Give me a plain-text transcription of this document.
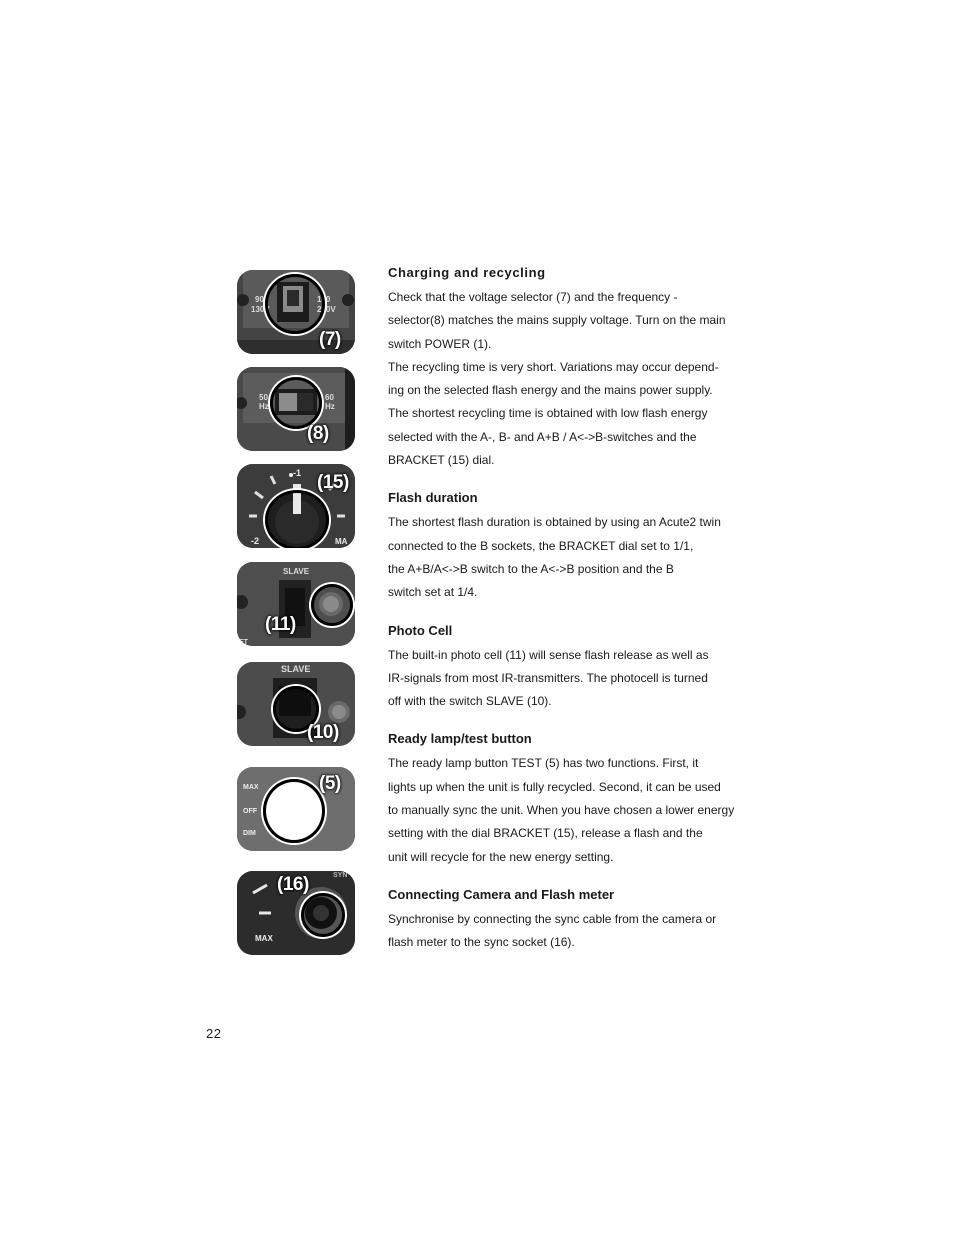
90
130V
180
230V
(7)
50
Hz
60
Hz
(8)
-1
-2	MA
(15)
SLAVE
ET
(11)
SLAVE
(10)
MAX
OFF
DIM
(5)
MAX
SYN
(16)
Charging and recycling

Check that the voltage selector (7) and the frequency -
selector(8) matches the mains supply voltage. Turn on the main
switch POWER (1).
The recycling time is very short. Variations may occur depend-
ing on the selected flash energy and the mains power supply.
The shortest recycling time is obtained with low flash energy
selected with the A-, B- and A+B / A<->B-switches and the
BRACKET (15) dial.

Flash duration

The shortest flash duration is obtained by using an Acute2 twin
connected to the B sockets, the BRACKET dial set to 1/1,
the A+B/A<->B switch to the A<->B position and the B
switch set at 1/4.

Photo Cell

The built-in photo cell (11) will sense flash release as well as
IR-signals from most IR-transmitters. The photocell is turned
off with the switch SLAVE (10).

Ready lamp/test button

The ready lamp button TEST (5) has two functions. First, it
lights up when the unit is fully recycled. Second, it can be used
to manually sync the unit. When you have chosen a lower energy
setting with the dial BRACKET (15), release a flash and the
unit will recycle for the new energy setting.

Connecting Camera and Flash meter

Synchronise by connecting the sync cable from the camera or
flash meter to the sync socket (16).

22
